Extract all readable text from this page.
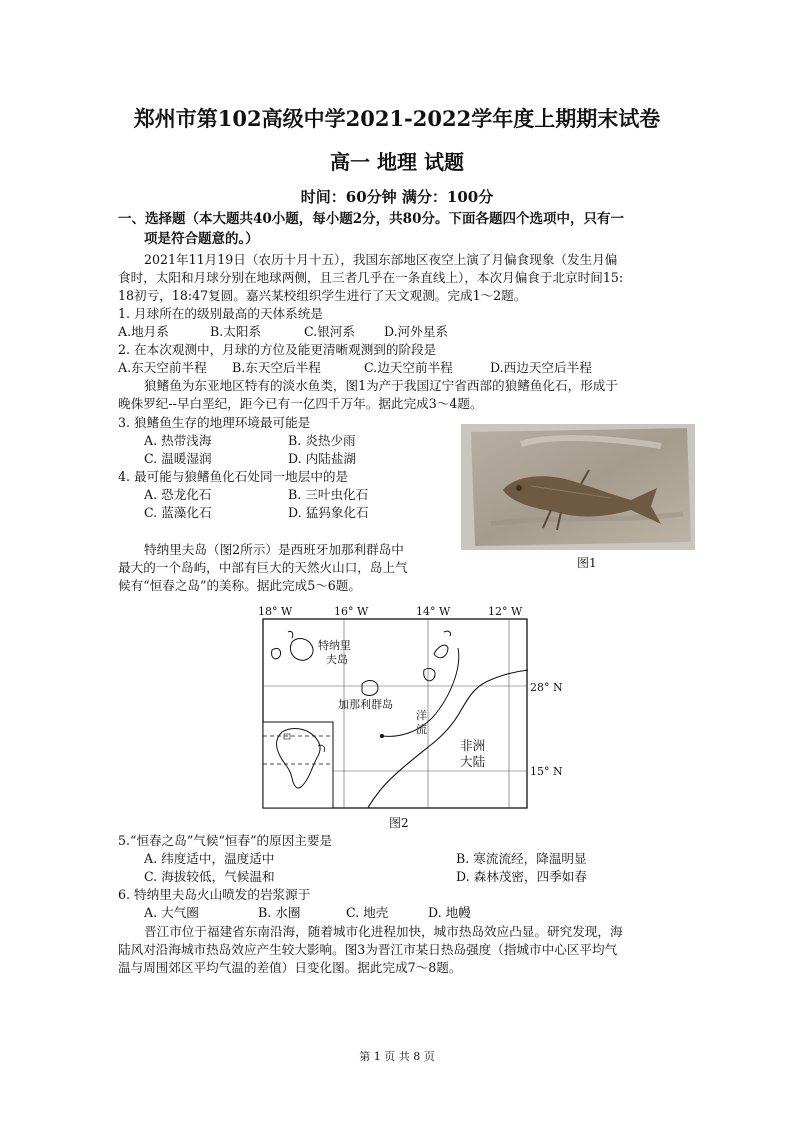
郑州市第102高级中学2021-2022学年度上期期末试卷
高一 地理 试题
时间：60分钟 满分：100分
一、选择题（本大题共40小题，每小题2分，共80分。下面各题四个选项中，只有一
项是符合题意的。）
2021年11月19日（农历十月十五），我国东部地区夜空上演了月偏食现象（发生月偏
食时，太阳和月球分别在地球两侧，且三者几乎在一条直线上），本次月偏食于北京时间15:
18初亏，18:47复圆。嘉兴某校组织学生进行了天文观测。完成1～2题。
1. 月球所在的级别最高的天体系统是
A.地月系	B.太阳系	C.银河系 D.河外星系
2. 在本次观测中，月球的方位及能更清晰观测到的阶段是
A.东天空前半程 B.东天空后半程	C.边天空前半程	D.西边天空后半程
狼鳍鱼为东亚地区特有的淡水鱼类，图1为产于我国辽宁省西部的狼鳍鱼化石，形成于
晚侏罗纪--早白垩纪，距今已有一亿四千万年。据此完成3～4题。
3. 狼鳍鱼生存的地理环境最可能是
A. 热带浅海	B. 炎热少雨
C. 温暖湿润	D. 内陆盐湖
4. 最可能与狼鳍鱼化石处同一地层中的是
A. 恐龙化石	B. 三叶虫化石
C. 蓝藻化石	D. 猛犸象化石
图1
特纳里夫岛（图2所示）是西班牙加那利群岛中
最大的一个岛屿，中部有巨大的天然火山口，岛上气
候有“恒春之岛”的美称。据此完成5～6题。
18° W	16° W	14° W	12° W
特纳里
夫岛
加那利群岛
洋
流
非洲
大陆
28° N
15° N
图2
5.“恒春之岛”气候“恒春”的原因主要是
A. 纬度适中，温度适中	B. 寒流流经，降温明显
C. 海拔较低，气候温和	D. 森林茂密，四季如春
6. 特纳里夫岛火山喷发的岩浆源于
A. 大气圈	B. 水圈	C. 地壳	D. 地幔
晋江市位于福建省东南沿海，随着城市化进程加快，城市热岛效应凸显。研究发现，海
陆风对沿海城市热岛效应产生较大影响。图3为晋江市某日热岛强度（指城市中心区平均气
温与周围郊区平均气温的差值）日变化图。据此完成7～8题。
第 1 页 共 8 页
